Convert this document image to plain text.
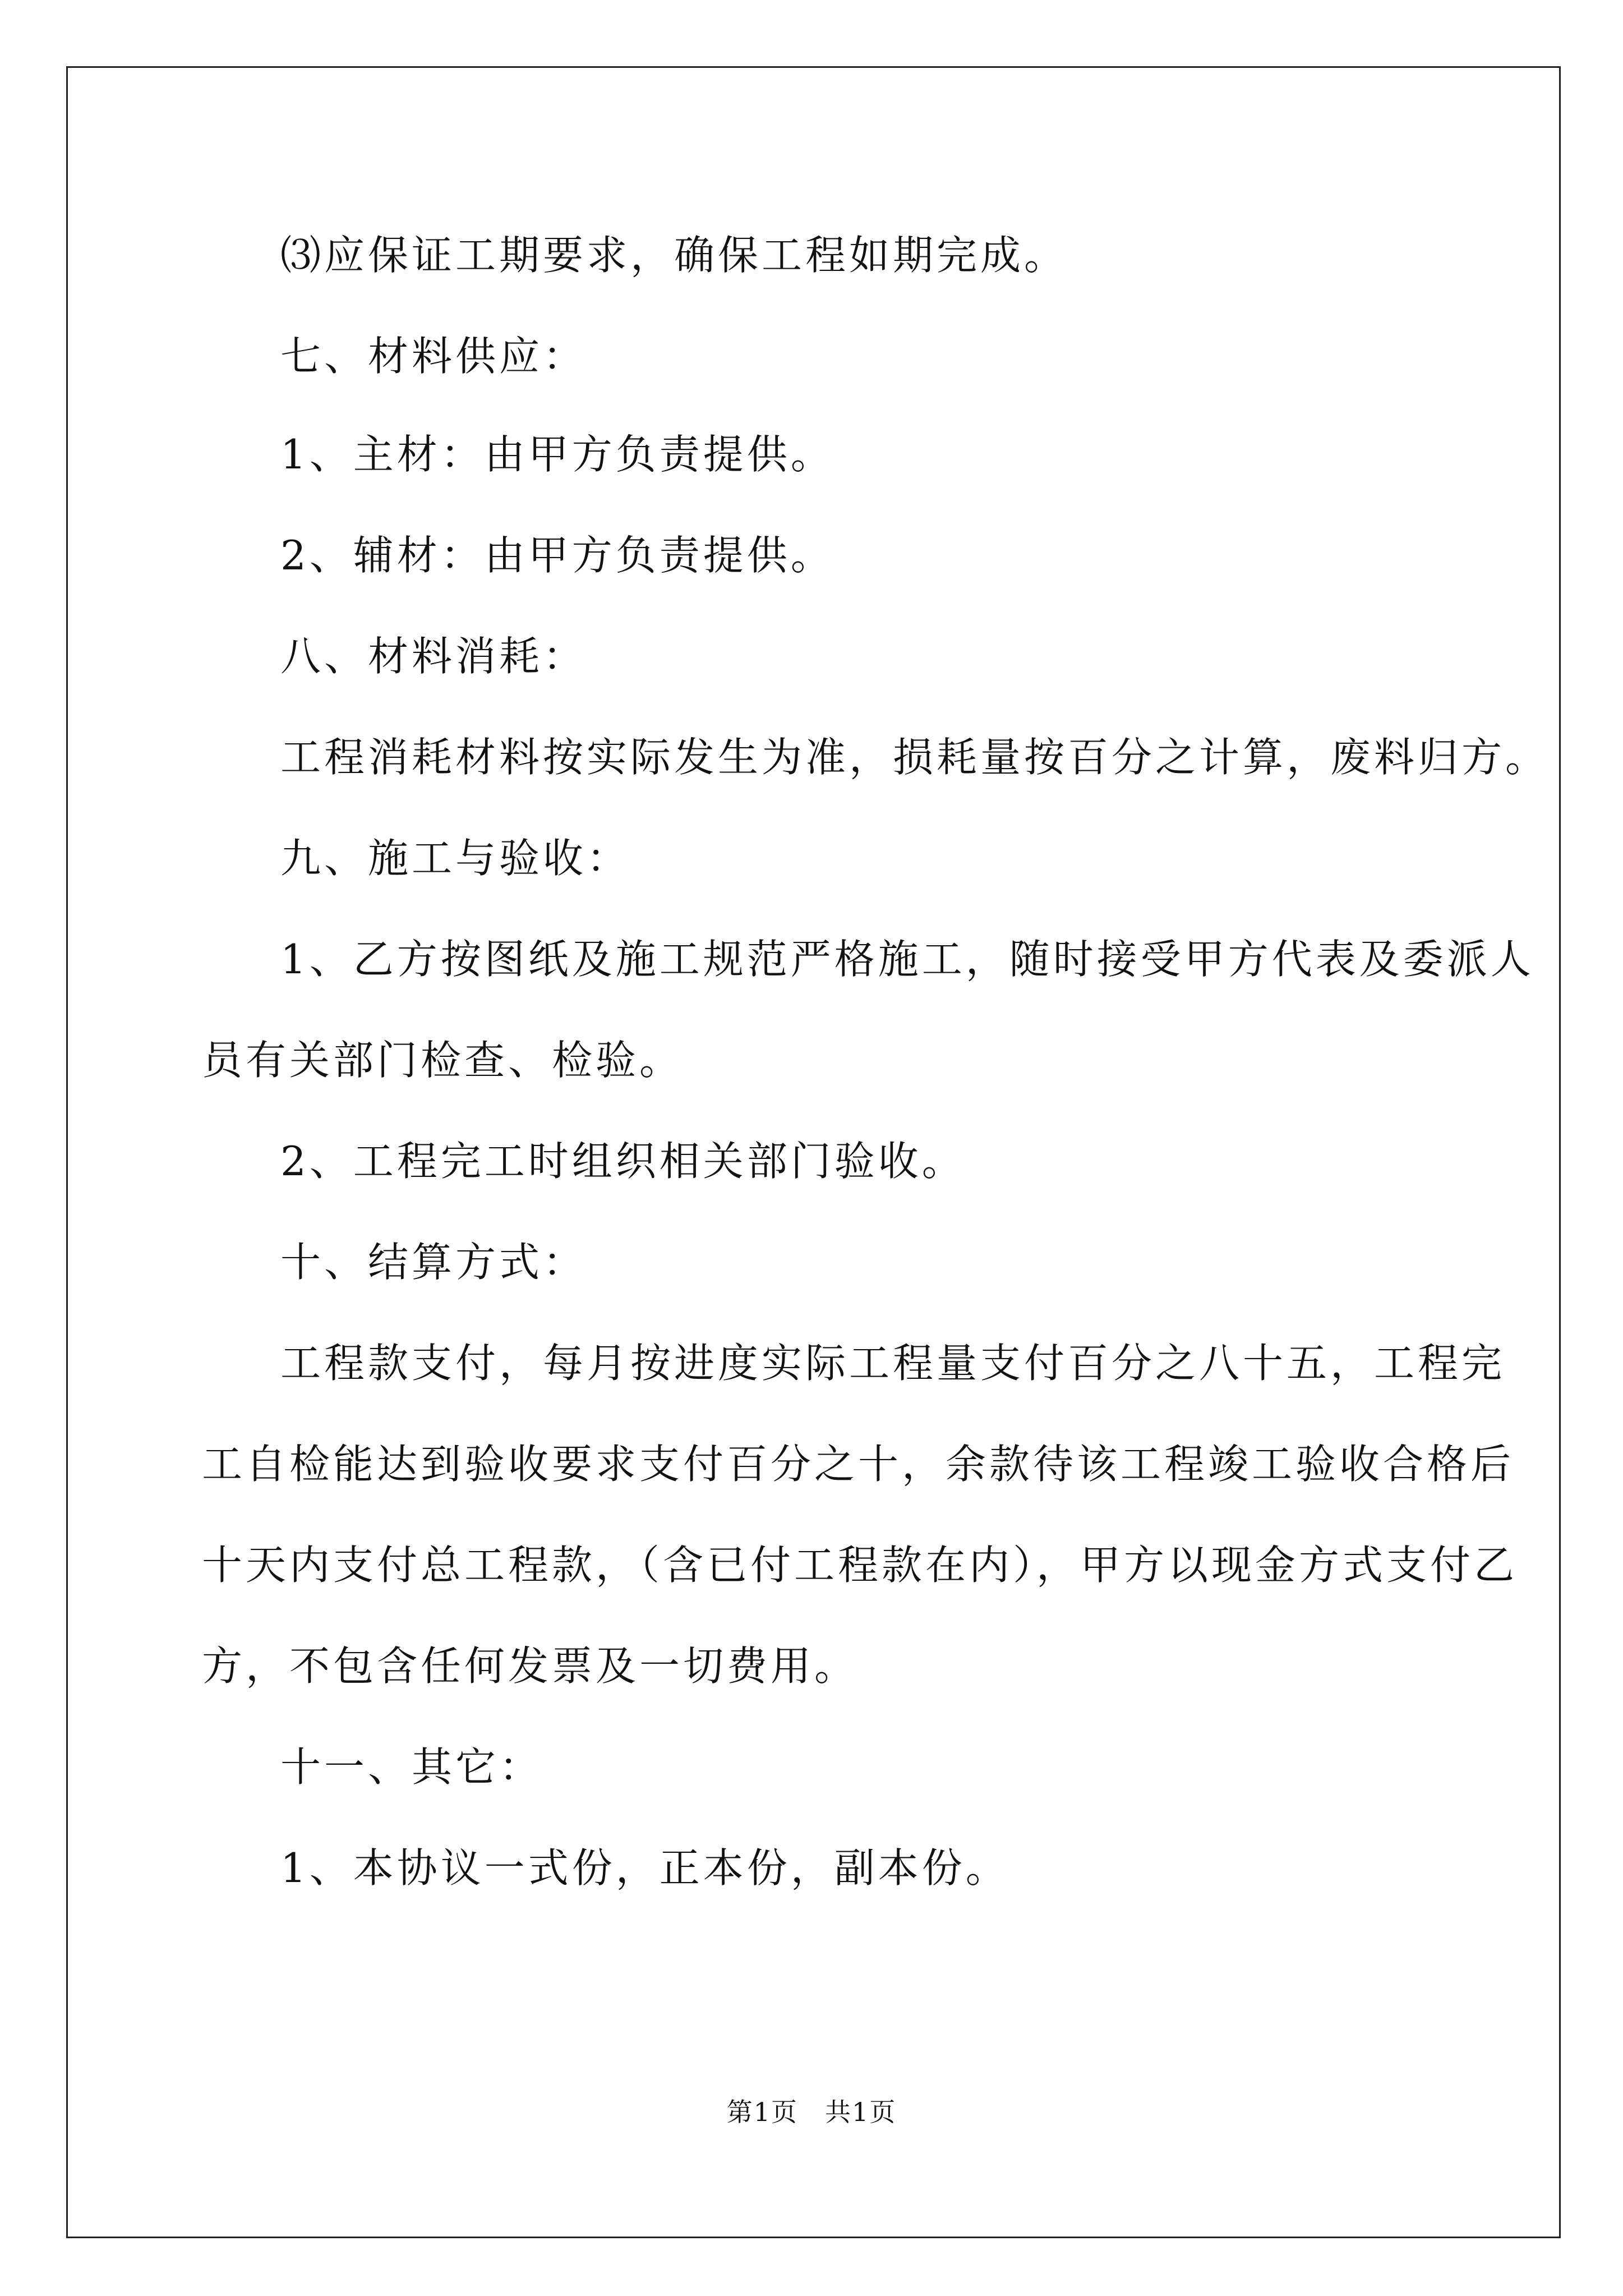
⑶应保证工期要求，确保工程如期完成。
七、材料供应：
1、主材：由甲方负责提供。
2、辅材：由甲方负责提供。
八、材料消耗：
工程消耗材料按实际发生为准，损耗量按百分之计算，废料归方。
九、施工与验收：
1、乙方按图纸及施工规范严格施工，随时接受甲方代表及委派人
员有关部门检查、检验。
2、工程完工时组织相关部门验收。
十、结算方式：
工程款支付，每月按进度实际工程量支付百分之八十五，工程完
工自检能达到验收要求支付百分之十，余款待该工程竣工验收合格后
十天内支付总工程款，（含已付工程款在内），甲方以现金方式支付乙
方，不包含任何发票及一切费用。
十一、其它：
1、本协议一式份，正本份，副本份。
第1页　共1页
